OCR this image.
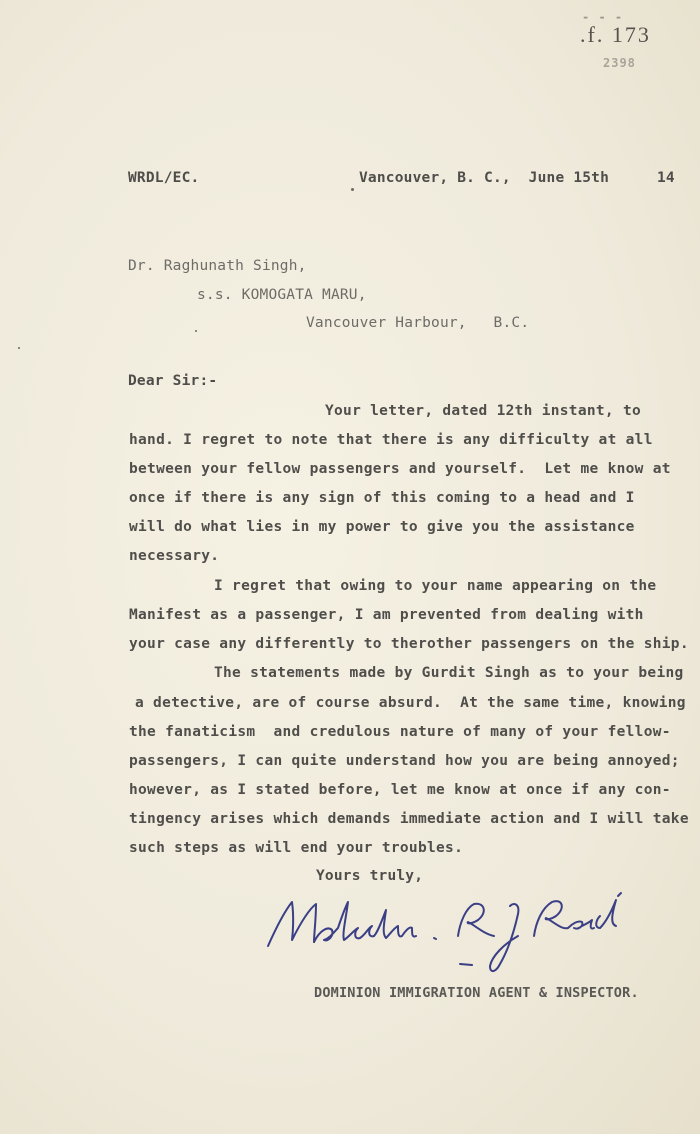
- - -
.f. 173
2398
WRDL/EC.	Vancouver, B. C.,  June 15th	14
Dr. Raghunath Singh,
s.s. KOMOGATA MARU,
Vancouver Harbour,   B.C.
Dear Sir:-
Your letter, dated 12th instant, to
hand. I regret to note that there is any difficulty at all
between your fellow passengers and yourself.  Let me know at
once if there is any sign of this coming to a head and I
will do what lies in my power to give you the assistance
necessary.
I regret that owing to your name appearing on the
Manifest as a passenger, I am prevented from dealing with
your case any differently to therother passengers on the ship.
The statements made by Gurdit Singh as to your being
a detective, are of course absurd.  At the same time, knowing
the fanaticism  and credulous nature of many of your fellow-
passengers, I can quite understand how you are being annoyed;
however, as I stated before, let me know at once if any con-
tingency arises which demands immediate action and I will take
such steps as will end your troubles.
Yours truly,
DOMINION IMMIGRATION AGENT & INSPECTOR.
